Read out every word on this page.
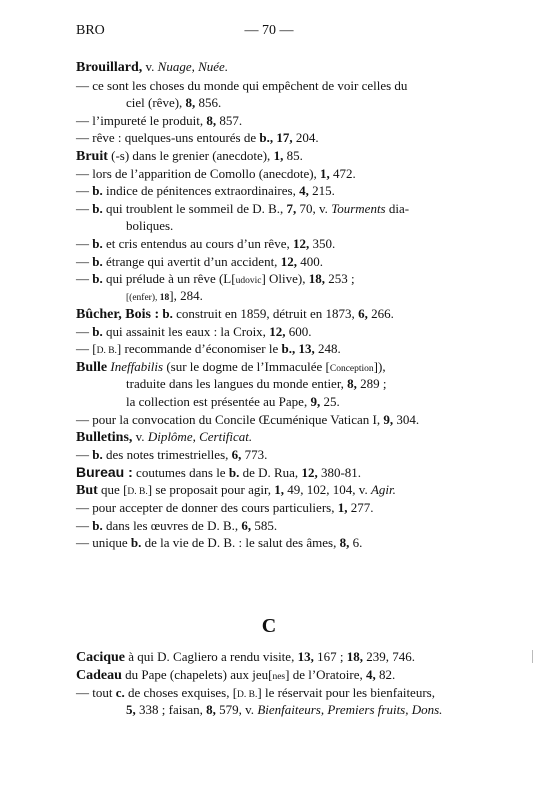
BRO	— 70 —
Brouillard, v. Nuage, Nuée.
— ce sont les choses du monde qui empêchent de voir celles du
ciel (rêve), 8, 856.
— l’impureté le produit, 8, 857.
— rêve : quelques-uns entourés de b., 17, 204.
Bruit (-s) dans le grenier (anecdote), 1, 85.
— lors de l’apparition de Comollo (anecdote), 1, 472.
— b. indice de pénitences extraordinaires, 4, 215.
— b. qui troublent le sommeil de D. B., 7, 70, v. Tourments dia-
boliques.
— b. et cris entendus au cours d’un rêve, 12, 350.
— b. étrange qui avertit d’un accident, 12, 400.
— b. qui prélude à un rêve (L[udovic] Olive), 18, 253 ;
[(enfer), 18], 284.
Bûcher, Bois : b. construit en 1859, détruit en 1873, 6, 266.
— b. qui assainit les eaux : la Croix, 12, 600.
— [D. B.] recommande d’économiser le b., 13, 248.
Bulle Ineffabilis (sur le dogme de l’Immaculée [Conception]),
traduite dans les langues du monde entier, 8, 289 ;
la collection est présentée au Pape, 9, 25.
— pour la convocation du Concile Œcuménique Vatican I, 9, 304.
Bulletins, v. Diplôme, Certificat.
— b. des notes trimestrielles, 6, 773.
Bureau : coutumes dans le b. de D. Rua, 12, 380-81.
But que [D. B.] se proposait pour agir, 1, 49, 102, 104, v. Agir.
— pour accepter de donner des cours particuliers, 1, 277.
— b. dans les œuvres de D. B., 6, 585.
— unique b. de la vie de D. B. : le salut des âmes, 8, 6.
Cacique à qui D. Cagliero a rendu visite, 13, 167 ; 18, 239, 746.
Cadeau du Pape (chapelets) aux jeu[nes] de l’Oratoire, 4, 82.
— tout c. de choses exquises, [D. B.] le réservait pour les bienfaiteurs,
5, 338 ; faisan, 8, 579, v. Bienfaiteurs, Premiers fruits, Dons.
C
